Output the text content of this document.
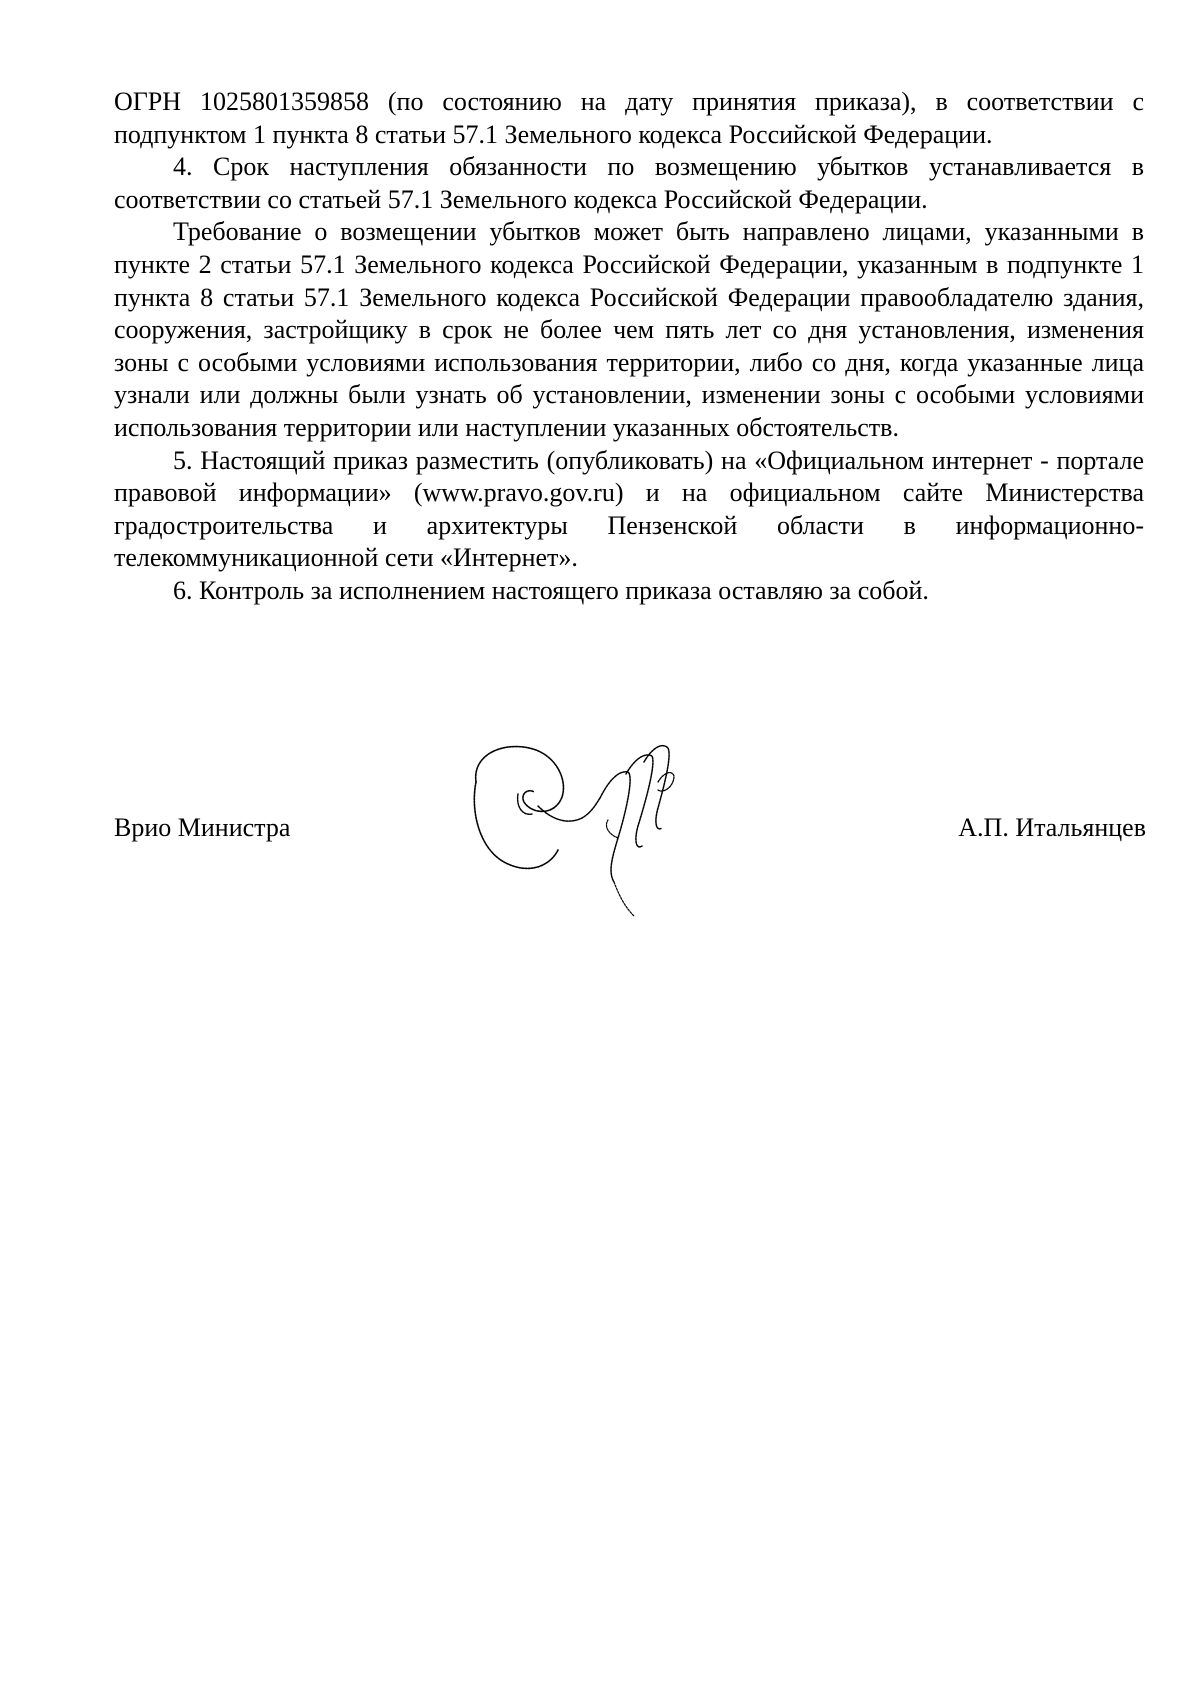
ОГРН 1025801359858 (по состоянию на дату принятия приказа), в соответствии с подпунктом 1 пункта 8 статьи 57.1 Земельного кодекса Российской Федерации.

4. Срок наступления обязанности по возмещению убытков устанавливается в соответствии со статьей 57.1 Земельного кодекса Российской Федерации.

Требование о возмещении убытков может быть направлено лицами, указанными в пункте 2 статьи 57.1 Земельного кодекса Российской Федерации, указанным в подпункте 1 пункта 8 статьи 57.1 Земельного кодекса Российской Федерации правообладателю здания, сооружения, застройщику в срок не более чем пять лет со дня установления, изменения зоны с особыми условиями использования территории, либо со дня, когда указанные лица узнали или должны были узнать об установлении, изменении зоны с особыми условиями использования территории или наступлении указанных обстоятельств.

5. Настоящий приказ разместить (опубликовать) на «Официальном интернет - портале правовой информации» (www.pravo.gov.ru) и на официальном сайте Министерства градостроительства и архитектуры Пензенской области в информационно-телекоммуникационной сети «Интернет».

6. Контроль за исполнением настоящего приказа оставляю за собой.

Врио Министра	А.П. Итальянцев
